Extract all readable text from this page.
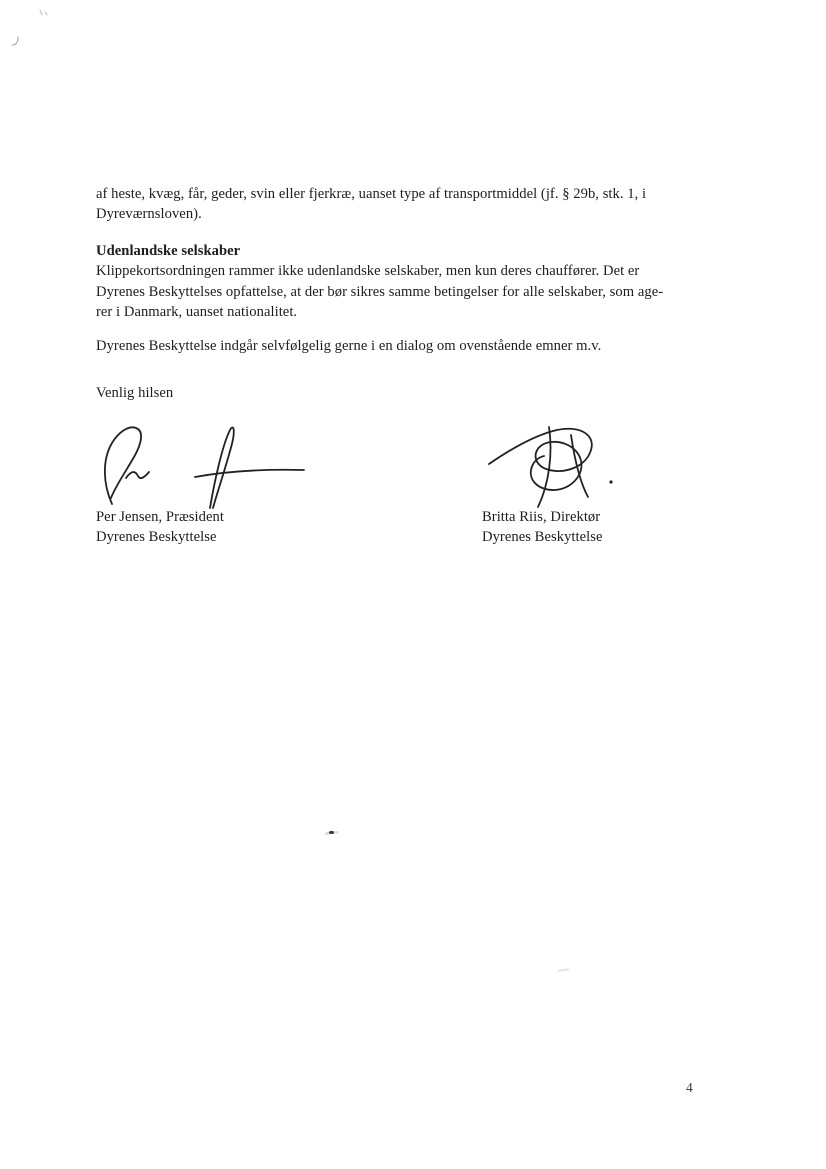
af heste, kvæg, får, geder, svin eller fjerkræ, uanset type af transportmiddel (jf. § 29b, stk. 1, i
Dyreværnsloven).
Udenlandske selskaber
Klippekortsordningen rammer ikke udenlandske selskaber, men kun deres chauffører. Det er
Dyrenes Beskyttelses opfattelse, at der bør sikres samme betingelser for alle selskaber, som age-
rer i Danmark, uanset nationalitet.
Dyrenes Beskyttelse indgår selvfølgelig gerne i en dialog om ovenstående emner m.v.
Venlig hilsen
Per Jensen, Præsident
Dyrenes Beskyttelse
Britta Riis, Direktør
Dyrenes Beskyttelse
4
